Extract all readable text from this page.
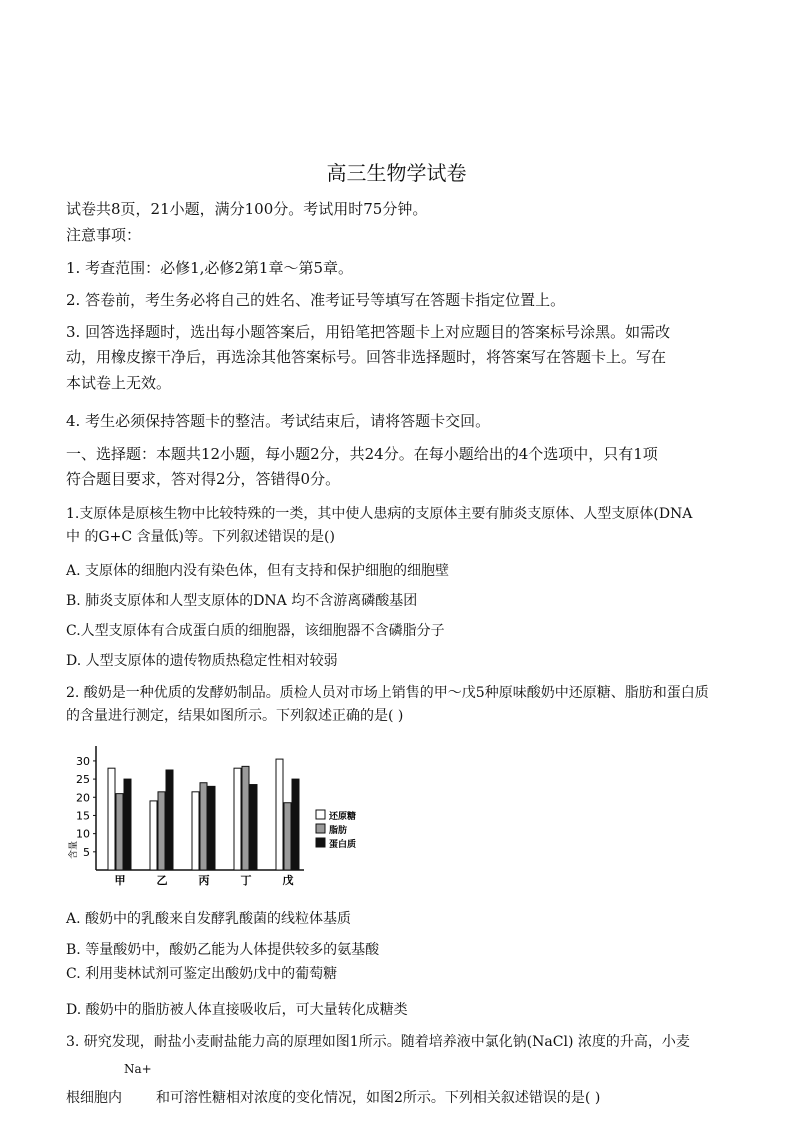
高三生物学试卷
试卷共8页，21小题，满分100分。考试用时75分钟。
注意事项：
1. 考查范围：必修1,必修2第1章～第5章。
2. 答卷前，考生务必将自己的姓名、准考证号等填写在答题卡指定位置上。
3. 回答选择题时，选出每小题答案后，用铅笔把答题卡上对应题目的答案标号涂黑。如需改
动，用橡皮擦干净后，再选涂其他答案标号。回答非选择题时，将答案写在答题卡上。写在
本试卷上无效。
4. 考生必须保持答题卡的整洁。考试结束后，请将答题卡交回。
一、选择题：本题共12小题，每小题2分，共24分。在每小题给出的4个选项中，只有1项
符合题目要求，答对得2分，答错得0分。
1.支原体是原核生物中比较特殊的一类，其中使人患病的支原体主要有肺炎支原体、人型支原体(DNA
中 的G+C 含量低)等。下列叙述错误的是()
A. 支原体的细胞内没有染色体，但有支持和保护细胞的细胞壁
B. 肺炎支原体和人型支原体的DNA 均不含游离磷酸基团
C.人型支原体有合成蛋白质的细胞器，该细胞器不含磷脂分子
D. 人型支原体的遗传物质热稳定性相对较弱
2. 酸奶是一种优质的发酵奶制品。质检人员对市场上销售的甲～戊5种原味酸奶中还原糖、脂肪和蛋白质
的含量进行测定，结果如图所示。下列叙述正确的是( )
5
10
15
20
25
30
含量
甲	乙	丙	丁	戊
还原糖
脂肪
蛋白质
A. 酸奶中的乳酸来自发酵乳酸菌的线粒体基质
B. 等量酸奶中，酸奶乙能为人体提供较多的氨基酸
C. 利用斐林试剂可鉴定出酸奶戊中的葡萄糖
D. 酸奶中的脂肪被人体直接吸收后，可大量转化成糖类
3. 研究发现，耐盐小麦耐盐能力高的原理如图1所示。随着培养液中氯化钠(NaCl) 浓度的升高，小麦
Na+
根细胞内 和可溶性糖相对浓度的变化情况，如图2所示。下列相关叙述错误的是( )
